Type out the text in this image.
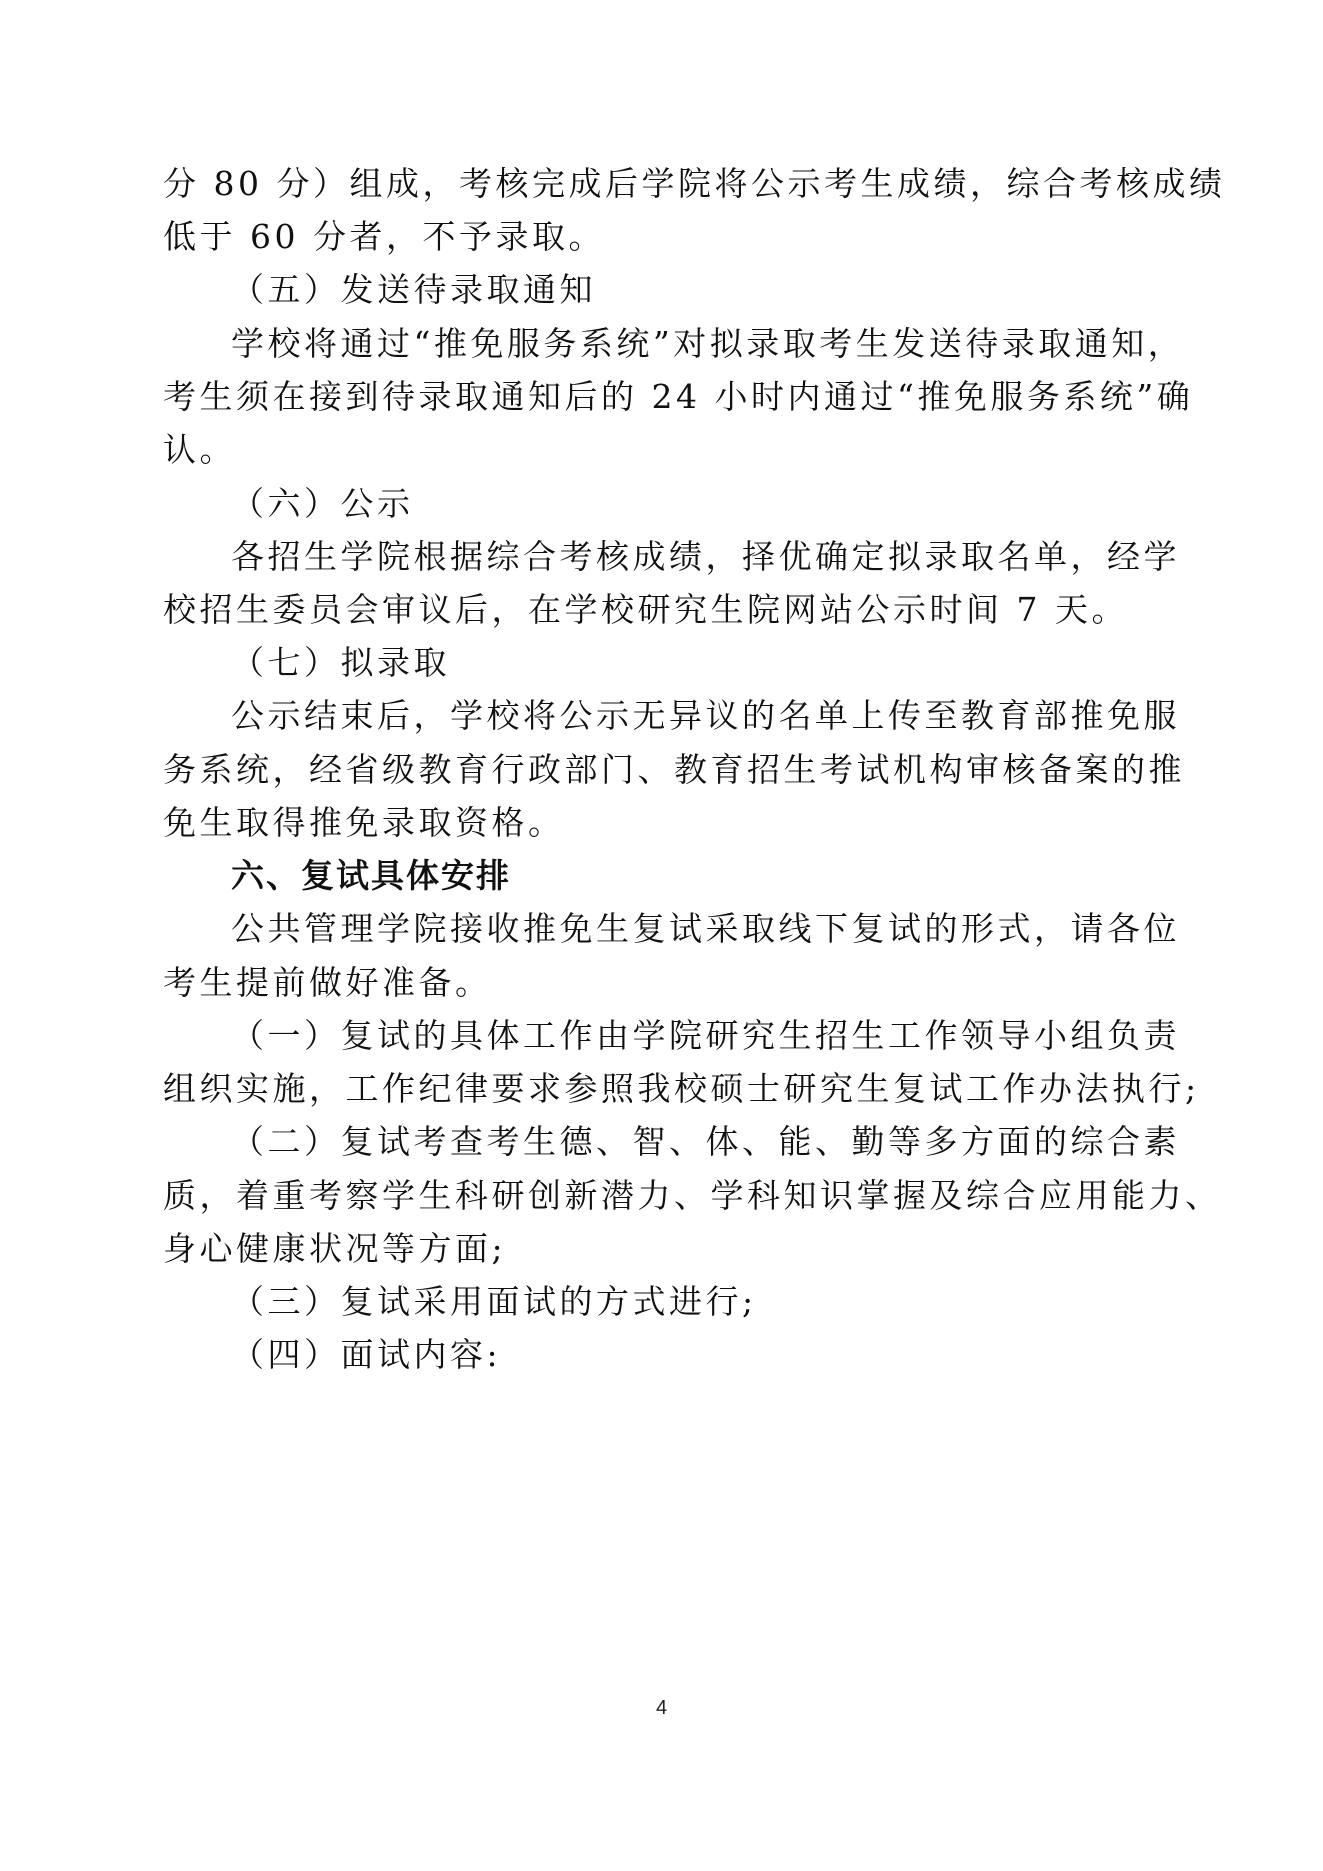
分 80 分）组成，考核完成后学院将公示考生成绩，综合考核成绩
低于 60 分者，不予录取。
（五）发送待录取通知
学校将通过“推免服务系统”对拟录取考生发送待录取通知，
考生须在接到待录取通知后的 24 小时内通过“推免服务系统”确
认。
（六）公示
各招生学院根据综合考核成绩，择优确定拟录取名单，经学
校招生委员会审议后，在学校研究生院网站公示时间 7 天。
（七）拟录取
公示结束后，学校将公示无异议的名单上传至教育部推免服
务系统，经省级教育行政部门、教育招生考试机构审核备案的推
免生取得推免录取资格。
六、复试具体安排
公共管理学院接收推免生复试采取线下复试的形式，请各位
考生提前做好准备。
（一）复试的具体工作由学院研究生招生工作领导小组负责
组织实施，工作纪律要求参照我校硕士研究生复试工作办法执行;
（二）复试考查考生德、智、体、能、勤等多方面的综合素
质，着重考察学生科研创新潜力、学科知识掌握及综合应用能力、
身心健康状况等方面;
（三）复试采用面试的方式进行;
（四）面试内容:
4
